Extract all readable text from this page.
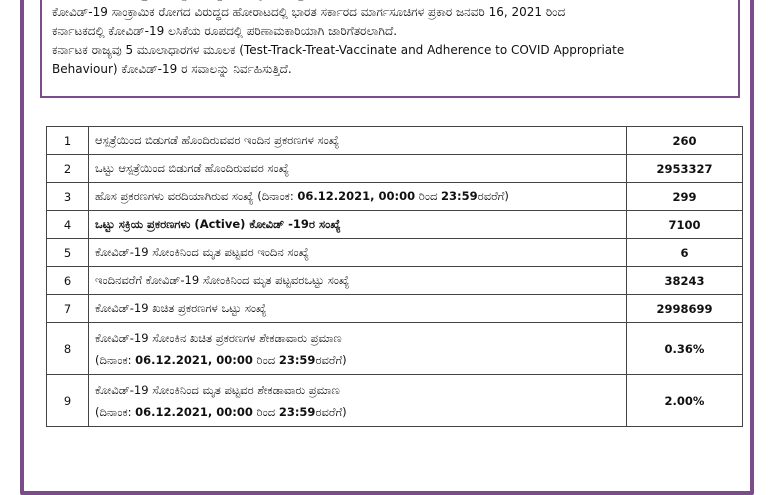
ಕೋವಿಡ್-19 ಸಾಂಕ್ರಾಮಿಕ ರೋಗದ ವಿರುದ್ಧದ ಹೋರಾಟದಲ್ಲಿ ಭಾರತ ಸರ್ಕಾರದ ಮಾರ್ಗಸೂಚಿಗಳ ಪ್ರಕಾರ ಜನವರಿ 16, 2021 ರಿಂದ

ಕರ್ನಾಟಕದಲ್ಲಿ ಕೋವಿಡ್-19 ಲಸಿಕೆಯ ರೂಪದಲ್ಲಿ ಪರಿಣಾಮಕಾರಿಯಾಗಿ ಜಾರಿಗೆತರಲಾಗಿದೆ.

ಕರ್ನಾಟಕ ರಾಜ್ಯವು 5 ಮೂಲಾಧಾರಗಳ ಮೂಲಕ (Test-Track-Treat-Vaccinate and Adherence to COVID Appropriate

Behaviour) ಕೋವಿಡ್-19 ರ ಸವಾಲನ್ನು ನಿರ್ವಹಿಸುತ್ತಿದೆ.

1	ಆಸ್ಪತ್ರೆಯಿಂದ ಬಿಡುಗಡೆ ಹೊಂದಿರುವವರ ಇಂದಿನ ಪ್ರಕರಣಗಳ ಸಂಖ್ಯೆ	260
2	ಒಟ್ಟು ಆಸ್ಪತ್ರೆಯಿಂದ ಬಿಡುಗಡೆ ಹೊಂದಿರುವವರ ಸಂಖ್ಯೆ	2953327
3	ಹೊಸ ಪ್ರಕರಣಗಳು ವರದಿಯಾಗಿರುವ ಸಂಖ್ಯೆ (ದಿನಾಂಕ: 06.12.2021, 00:00 ರಿಂದ 23:59ರವರೆಗೆ)	299
4	ಒಟ್ಟು ಸಕ್ರಿಯ ಪ್ರಕರಣಗಳು (Active) ಕೋವಿಡ್ -19ರ ಸಂಖ್ಯೆ	7100
5	ಕೋವಿಡ್-19 ಸೋಂಕಿನಿಂದ ಮೃತ ಪಟ್ಟವರ ಇಂದಿನ ಸಂಖ್ಯೆ	6
6	ಇಂದಿನವರೆಗೆ ಕೋವಿಡ್-19 ಸೋಂಕಿನಿಂದ ಮೃತ ಪಟ್ಟವರಒಟ್ಟು ಸಂಖ್ಯೆ	38243
7	ಕೋವಿಡ್-19 ಖಚಿತ ಪ್ರಕರಣಗಳ ಒಟ್ಟು ಸಂಖ್ಯೆ	2998699
8	ಕೋವಿಡ್-19 ಸೋಂಕಿನ ಖಚಿತ ಪ್ರಕರಣಗಳ ಶೇಕಡಾವಾರು ಪ್ರಮಾಣ
(ದಿನಾಂಕ: 06.12.2021, 00:00 ರಿಂದ 23:59ರವರೆಗೆ)	0.36%
9	ಕೋವಿಡ್-19 ಸೋಂಕಿನಿಂದ ಮೃತ ಪಟ್ಟವರ ಶೇಕಡಾವಾರು ಪ್ರಮಾಣ
(ದಿನಾಂಕ: 06.12.2021, 00:00 ರಿಂದ 23:59ರವರೆಗೆ)	2.00%
